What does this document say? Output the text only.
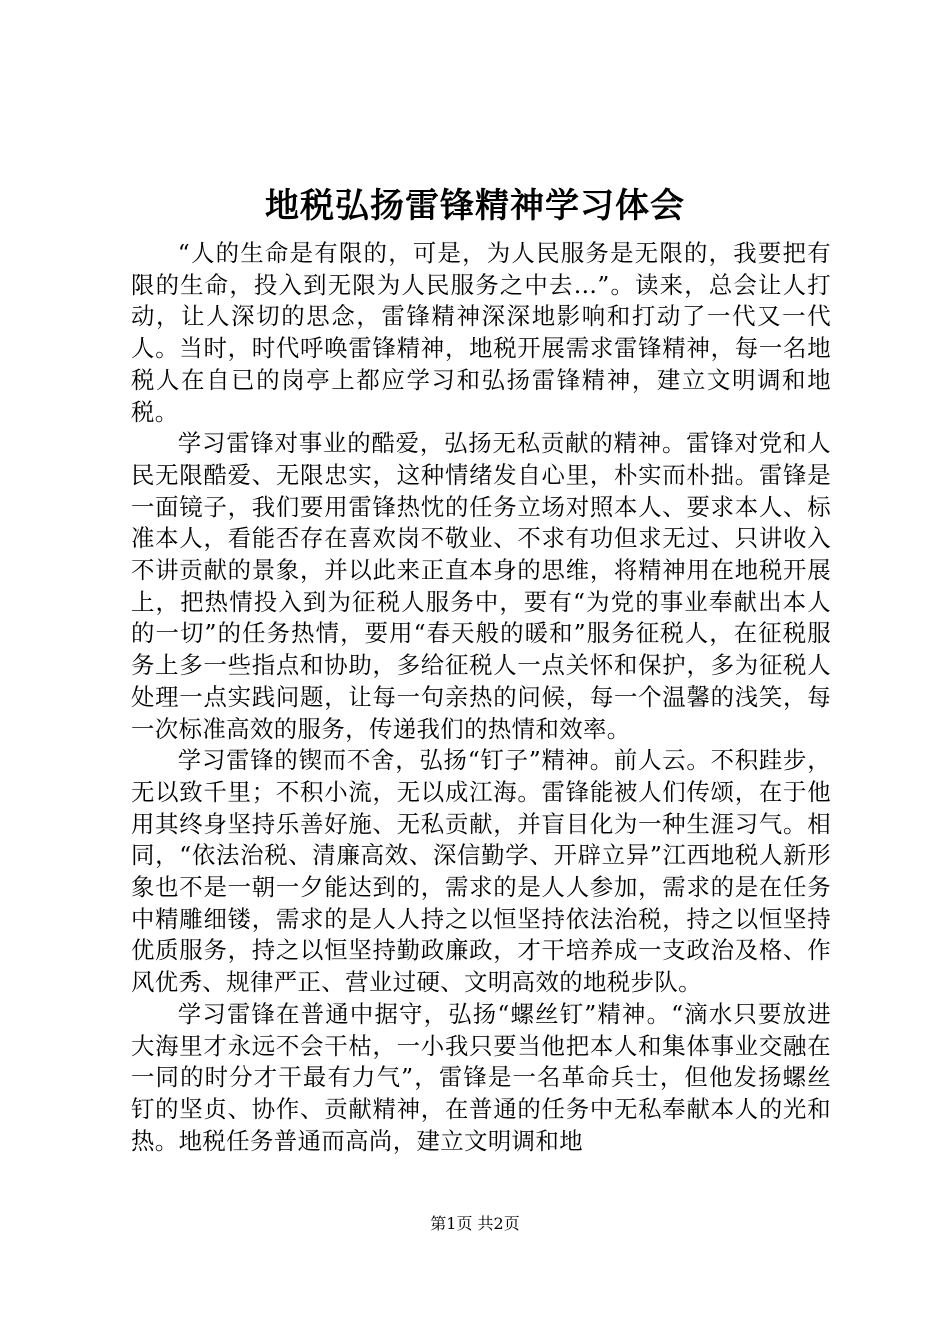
地税弘扬雷锋精神学习体会

“人的生命是有限的，可是，为人民服务是无限的，我要把有限的生命，投入到无限为人民服务之中去…”。读来，总会让人打动，让人深切的思念，雷锋精神深深地影响和打动了一代又一代人。当时，时代呼唤雷锋精神，地税开展需求雷锋精神，每一名地税人在自已的岗亭上都应学习和弘扬雷锋精神，建立文明调和地税。

学习雷锋对事业的酷爱，弘扬无私贡献的精神。雷锋对党和人民无限酷爱、无限忠实，这种情绪发自心里，朴实而朴拙。雷锋是一面镜子，我们要用雷锋热忱的任务立场对照本人、要求本人、标准本人，看能否存在喜欢岗不敬业、不求有功但求无过、只讲收入不讲贡献的景象，并以此来正直本身的思维，将精神用在地税开展上，把热情投入到为征税人服务中，要有“为党的事业奉献出本人的一切”的任务热情，要用“春天般的暖和”服务征税人，在征税服务上多一些指点和协助，多给征税人一点关怀和保护，多为征税人处理一点实践问题，让每一句亲热的问候，每一个温馨的浅笑，每一次标准高效的服务，传递我们的热情和效率。

学习雷锋的锲而不舍，弘扬“钉子”精神。前人云。不积跬步，无以致千里；不积小流，无以成江海。雷锋能被人们传颂，在于他用其终身坚持乐善好施、无私贡献，并盲目化为一种生涯习气。相同，“依法治税、清廉高效、深信勤学、开辟立异”江西地税人新形象也不是一朝一夕能达到的，需求的是人人参加，需求的是在任务中精雕细镂，需求的是人人持之以恒坚持依法治税，持之以恒坚持优质服务，持之以恒坚持勤政廉政，才干培养成一支政治及格、作风优秀、规律严正、营业过硬、文明高效的地税步队。

学习雷锋在普通中据守，弘扬“螺丝钉”精神。“滴水只要放进大海里才永远不会干枯，一小我只要当他把本人和集体事业交融在一同的时分才干最有力气”，雷锋是一名革命兵士，但他发扬螺丝钉的坚贞、协作、贡献精神，在普通的任务中无私奉献本人的光和热。地税任务普通而高尚，建立文明调和地

第1页 共2页
